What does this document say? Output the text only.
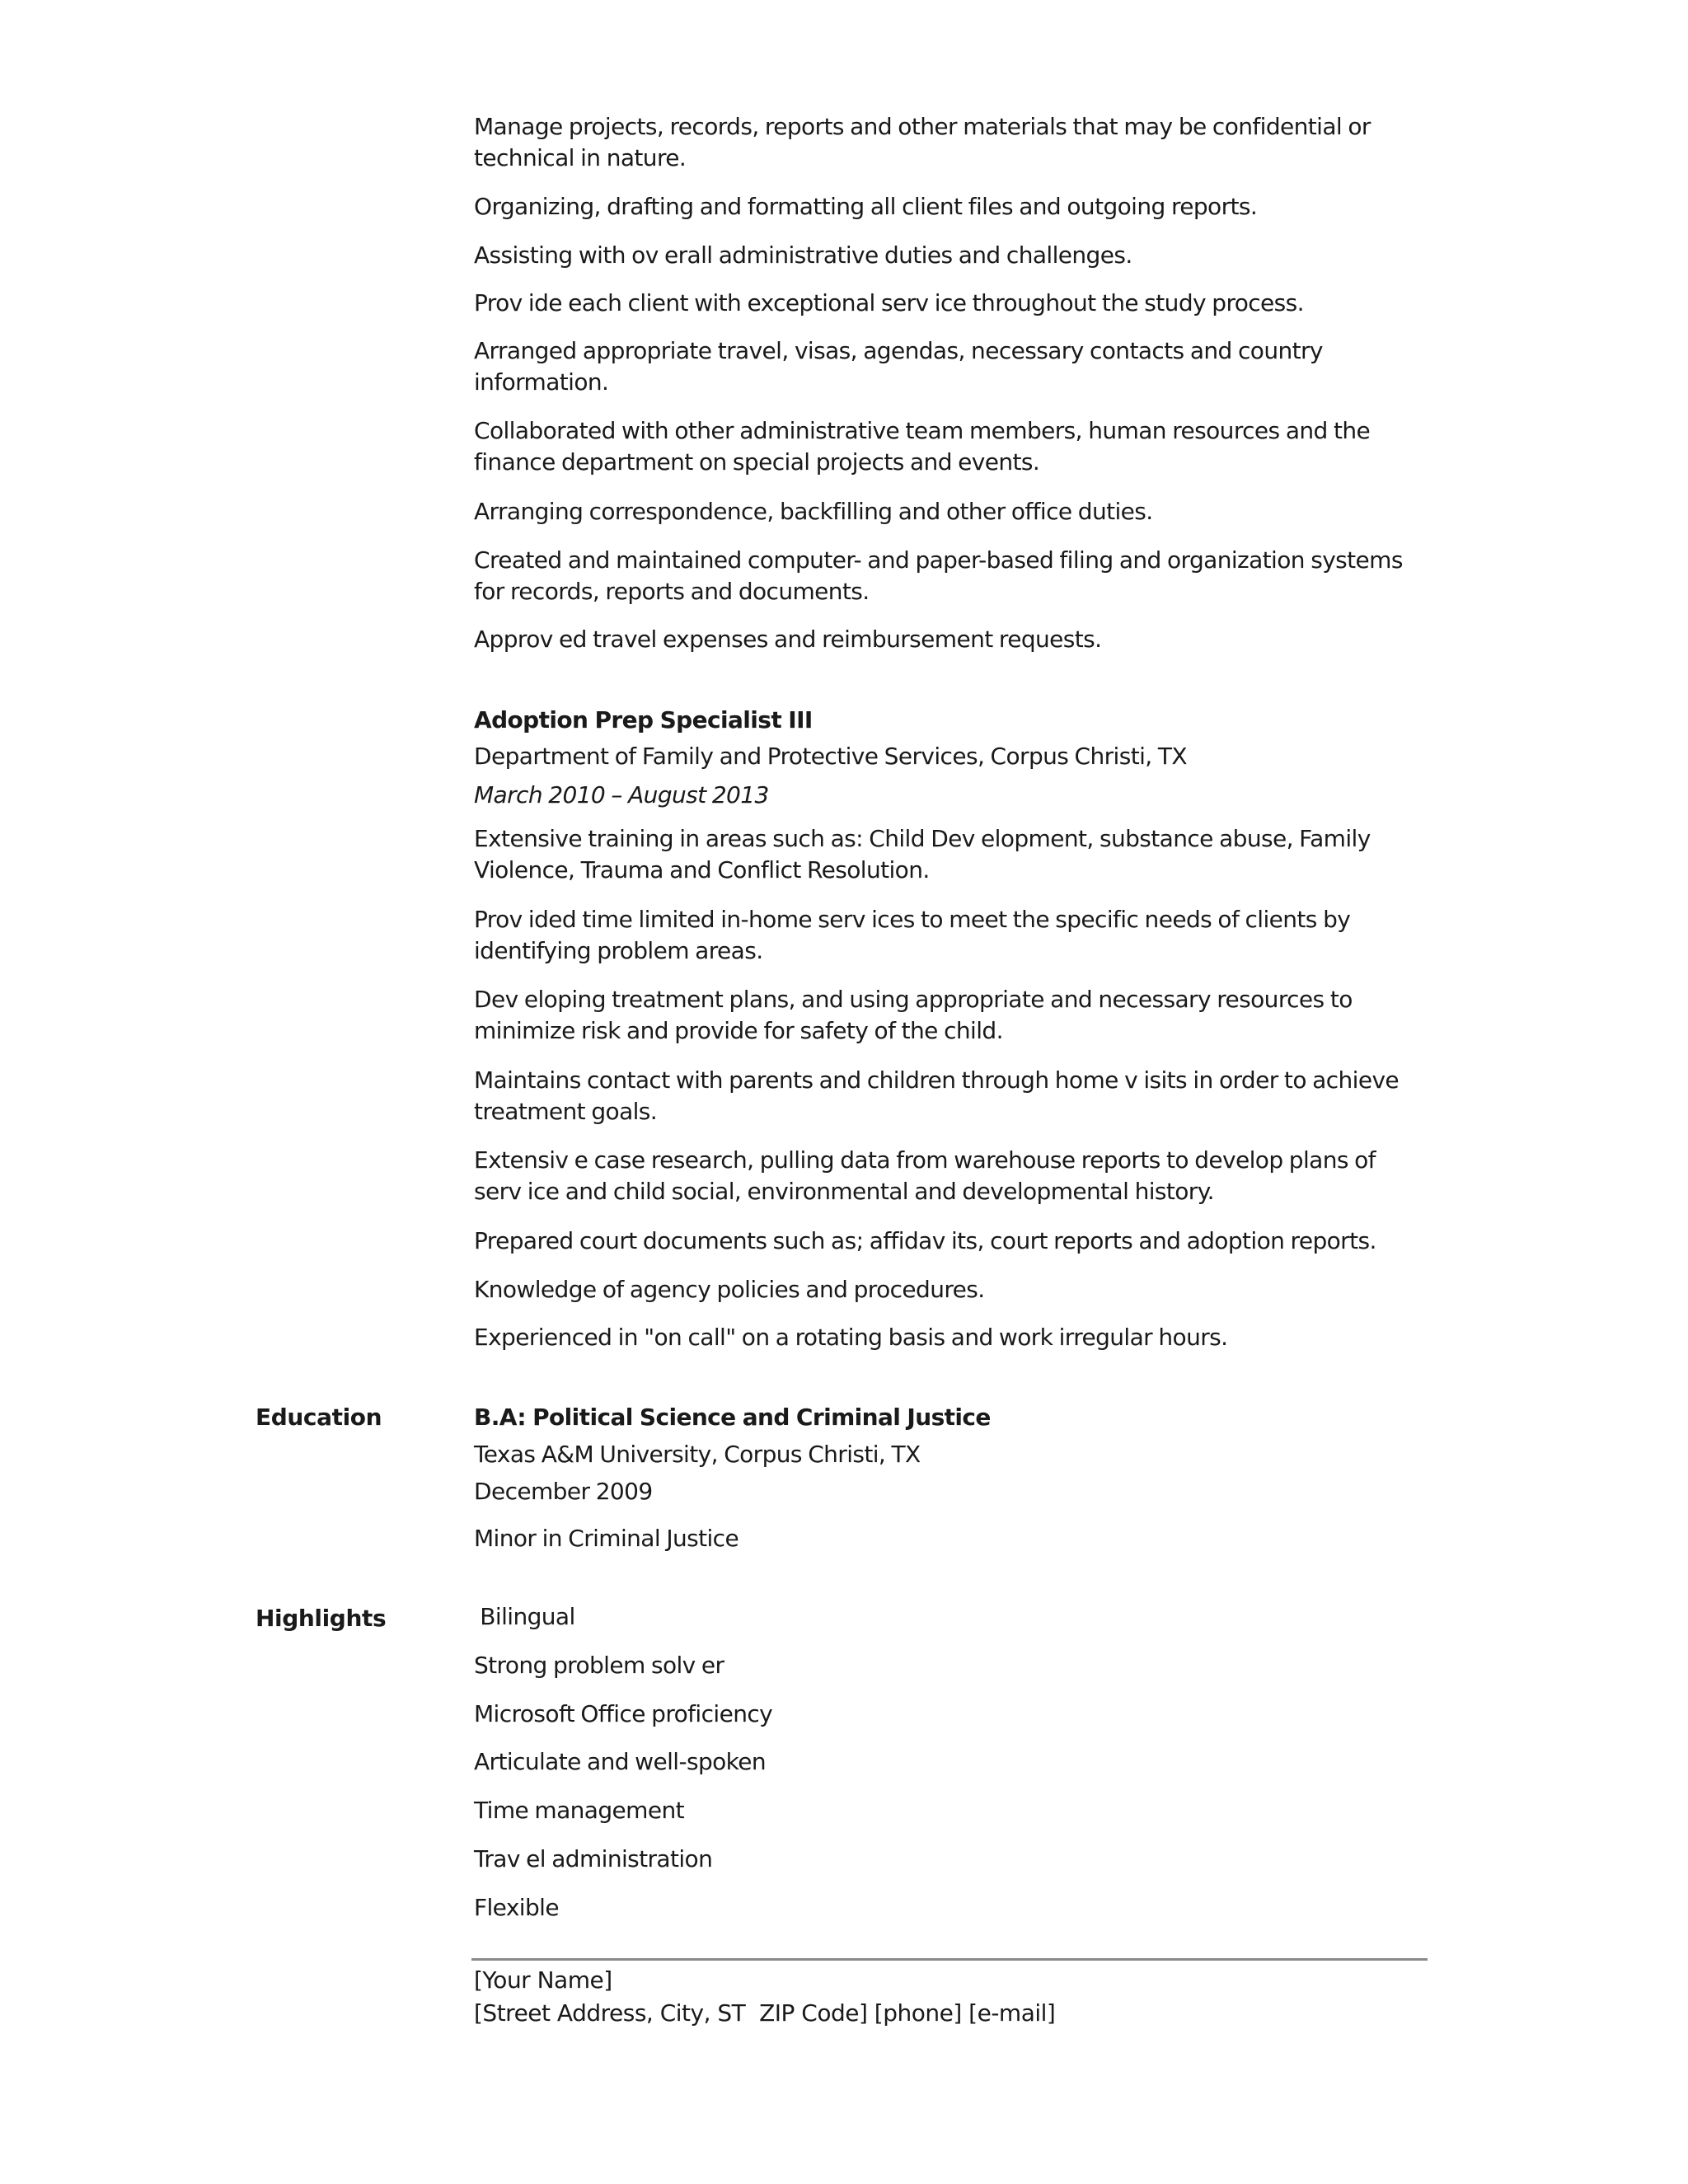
Manage projects, records, reports and other materials that may be confidential or technical in nature.

Organizing, drafting and formatting all client files and outgoing reports.

Assisting with ov erall administrative duties and challenges.

Prov ide each client with exceptional serv ice throughout the study process.

Arranged appropriate travel, visas, agendas, necessary contacts and country information.

Collaborated with other administrative team members, human resources and the finance department on special projects and events.

Arranging correspondence, backfilling and other office duties.

Created and maintained computer- and paper-based filing and organization systems for records, reports and documents.

Approv ed travel expenses and reimbursement requests.

Adoption Prep Specialist III

Department of Family and Protective Services, Corpus Christi, TX

March 2010 – August 2013

Extensive training in areas such as: Child Dev elopment, substance abuse, Family Violence, Trauma and Conflict Resolution.

Prov ided time limited in-home serv ices to meet the specific needs of clients by identifying problem areas.

Dev eloping treatment plans, and using appropriate and necessary resources to minimize risk and provide for safety of the child.

Maintains contact with parents and children through home v isits in order to achieve treatment goals.

Extensiv e case research, pulling data from warehouse reports to develop plans of serv ice and child social, environmental and developmental history.

Prepared court documents such as; affidav its, court reports and adoption reports.

Knowledge of agency policies and procedures.

Experienced in "on call" on a rotating basis and work irregular hours.

Education	B.A: Political Science and Criminal Justice

Texas A&M University, Corpus Christi, TX

December 2009

Minor in Criminal Justice

Highlights	Bilingual

Strong problem solv er

Microsoft Office proficiency

Articulate and well-spoken

Time management

Trav el administration

Flexible

[Your Name]
[Street Address, City, ST  ZIP Code] [phone] [e-mail]
